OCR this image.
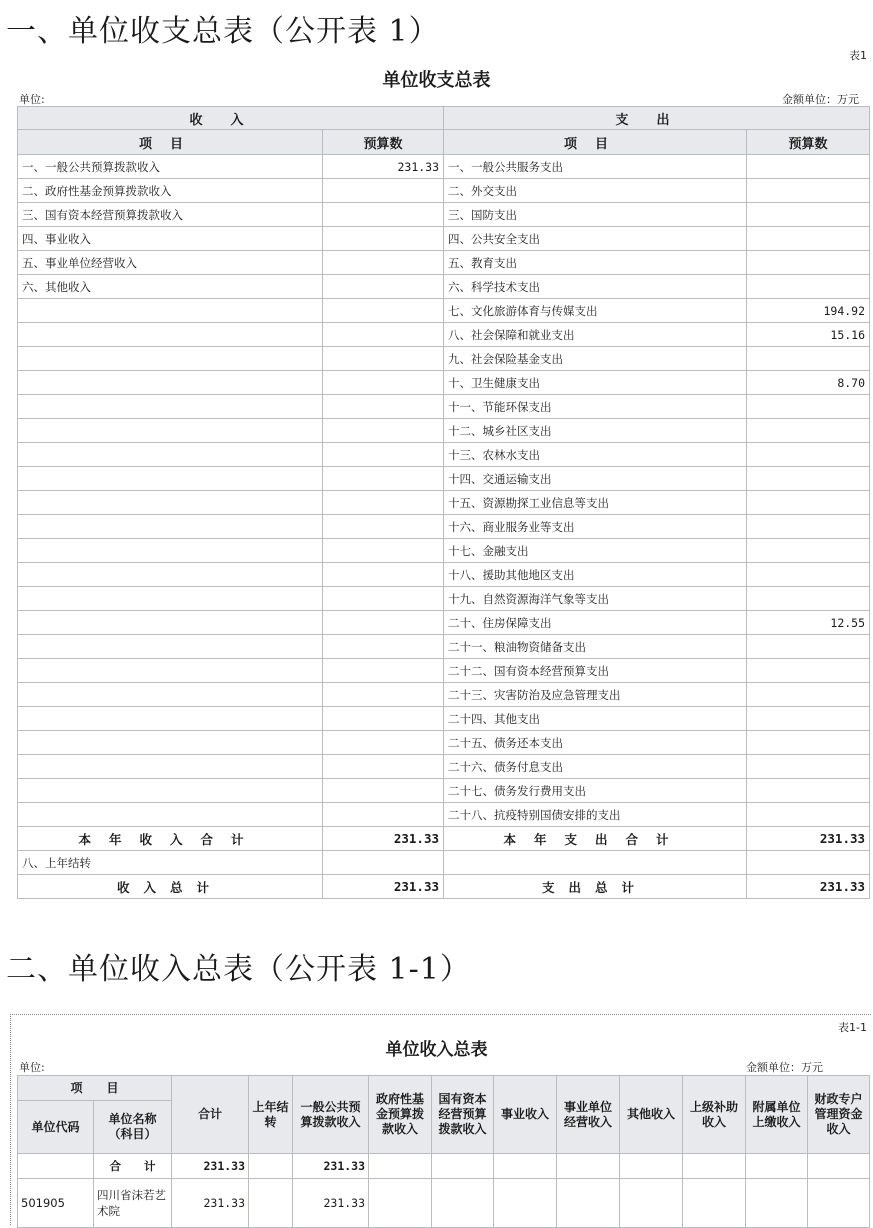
一、单位收支总表（公开表 1）
表1
单位收支总表
单位:	金额单位：万元
收入		支出	
项目	预算数	项目	预算数
一、一般公共预算拨款收入	231.33	一、一般公共服务支出	
二、政府性基金预算拨款收入		二、外交支出	
三、国有资本经营预算拨款收入		三、国防支出	
四、事业收入		四、公共安全支出	
五、事业单位经营收入		五、教育支出	
六、其他收入		六、科学技术支出	
		七、文化旅游体育与传媒支出	194.92
		八、社会保障和就业支出	15.16
		九、社会保险基金支出	
		十、卫生健康支出	8.70
		十一、节能环保支出	
		十二、城乡社区支出	
		十三、农林水支出	
		十四、交通运输支出	
		十五、资源勘探工业信息等支出	
		十六、商业服务业等支出	
		十七、金融支出	
		十八、援助其他地区支出	
		十九、自然资源海洋气象等支出	
		二十、住房保障支出	12.55
		二十一、粮油物资储备支出	
		二十二、国有资本经营预算支出	
		二十三、灾害防治及应急管理支出	
		二十四、其他支出	
		二十五、债务还本支出	
		二十六、债务付息支出	
		二十七、债务发行费用支出	
		二十八、抗疫特别国债安排的支出	
本年收入合计	231.33	本年支出合计	231.33
八、上年结转			
收入总计	231.33	支出总计	231.33
二、单位收入总表（公开表 1-1）
表1-1
单位收入总表
单位:	金额单位：万元
项　　目		合计	上年结转	一般公共预算拨款收入	政府性基金预算拨款收入	国有资本经营预算拨款收入	事业收入	事业单位经营收入	其他收入	上级补助收入	附属单位上缴收入	财政专户管理资金收入
单位代码	单位名称（科目）											
	合　　计	231.33		231.33								
501905	四川省沫若艺术院	231.33		231.33								
